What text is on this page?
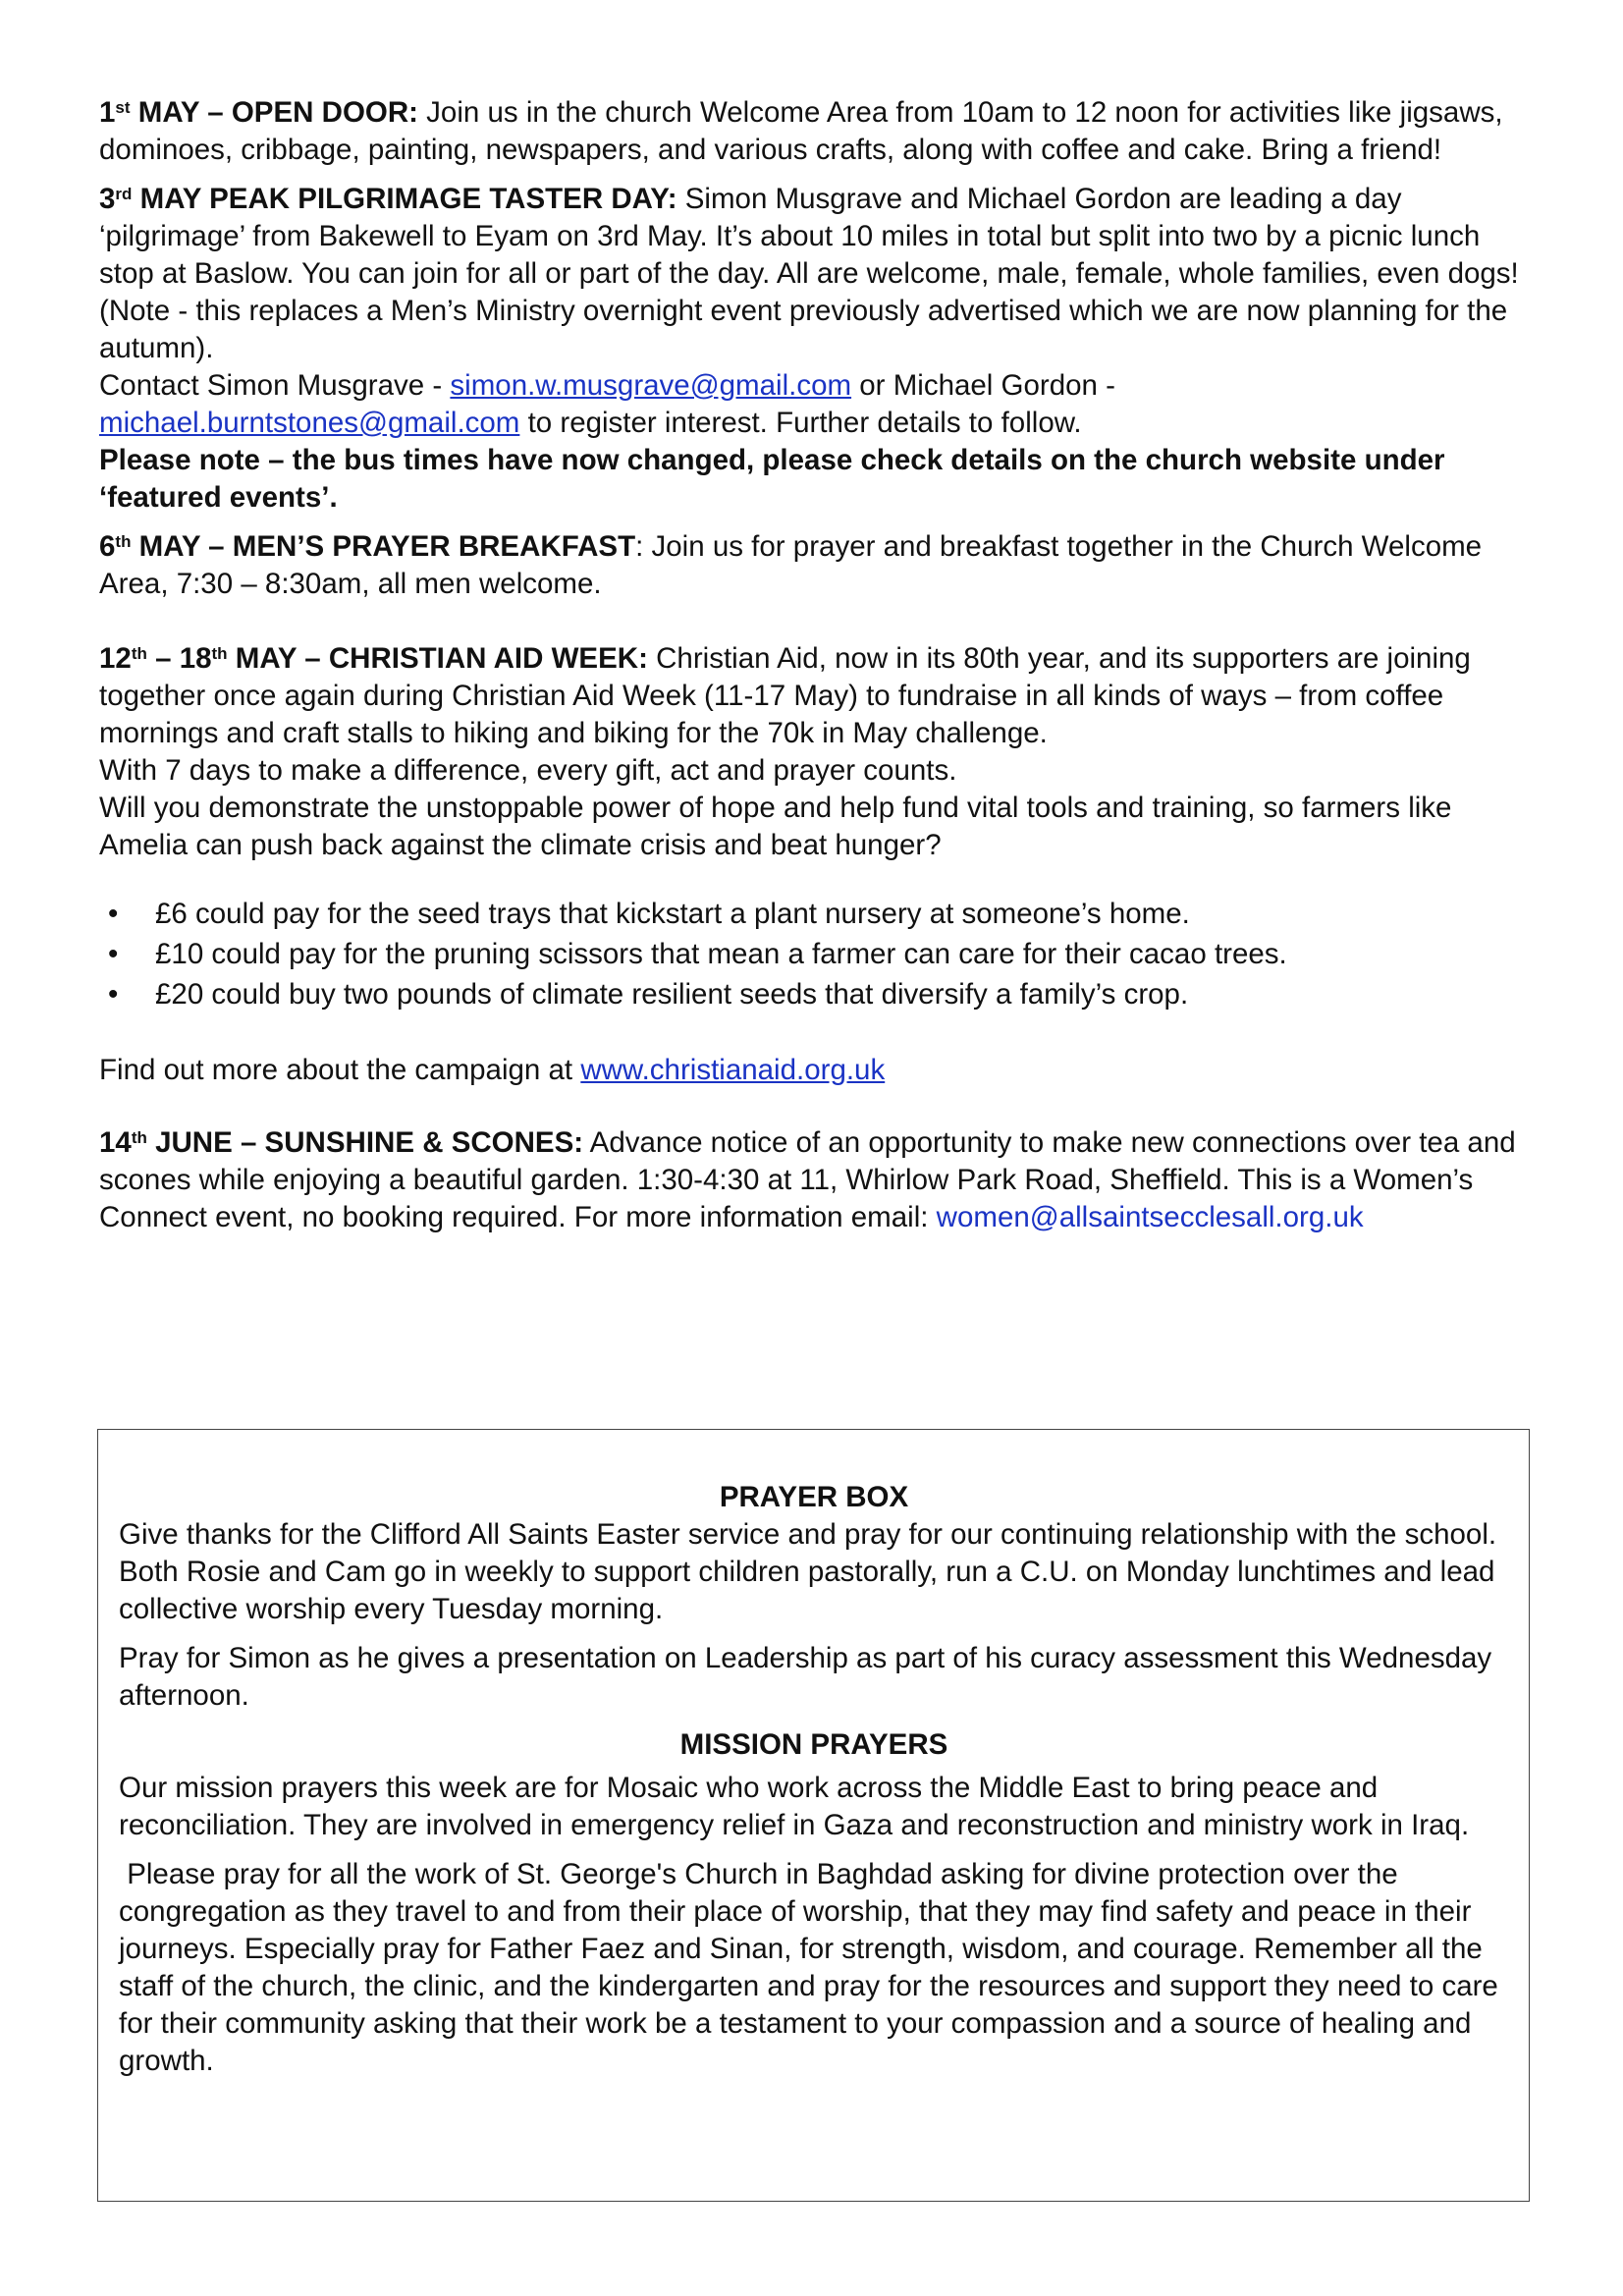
1st MAY – OPEN DOOR: Join us in the church Welcome Area from 10am to 12 noon for activities like jigsaws, dominoes, cribbage, painting, newspapers, and various crafts, along with coffee and cake. Bring a friend!

3rd MAY PEAK PILGRIMAGE TASTER DAY: Simon Musgrave and Michael Gordon are leading a day ‘pilgrimage’ from Bakewell to Eyam on 3rd May. It’s about 10 miles in total but split into two by a picnic lunch stop at Baslow. You can join for all or part of the day. All are welcome, male, female, whole families, even dogs! (Note - this replaces a Men’s Ministry overnight event previously advertised which we are now planning for the autumn).

Contact Simon Musgrave - simon.w.musgrave@gmail.com or Michael Gordon - michael.burntstones@gmail.com to register interest. Further details to follow.

Please note – the bus times have now changed, please check details on the church website under ‘featured events’.

6th MAY – MEN’S PRAYER BREAKFAST: Join us for prayer and breakfast together in the Church Welcome Area, 7:30 – 8:30am, all men welcome.

12th – 18th MAY – CHRISTIAN AID WEEK: Christian Aid, now in its 80th year, and its supporters are joining together once again during Christian Aid Week (11-17 May) to fundraise in all kinds of ways – from coffee mornings and craft stalls to hiking and biking for the 70k in May challenge.

With 7 days to make a difference, every gift, act and prayer counts.

Will you demonstrate the unstoppable power of hope and help fund vital tools and training, so farmers like Amelia can push back against the climate crisis and beat hunger?

• £6 could pay for the seed trays that kickstart a plant nursery at someone’s home.
• £10 could pay for the pruning scissors that mean a farmer can care for their cacao trees.
• £20 could buy two pounds of climate resilient seeds that diversify a family’s crop.

Find out more about the campaign at www.christianaid.org.uk

14th JUNE – SUNSHINE & SCONES: Advance notice of an opportunity to make new connections over tea and scones while enjoying a beautiful garden. 1:30-4:30 at 11, Whirlow Park Road, Sheffield. This is a Women’s Connect event, no booking required. For more information email: women@allsaintsecclesall.org.uk

PRAYER BOX

Give thanks for the Clifford All Saints Easter service and pray for our continuing relationship with the school. Both Rosie and Cam go in weekly to support children pastorally, run a C.U. on Monday lunchtimes and lead collective worship every Tuesday morning.

Pray for Simon as he gives a presentation on Leadership as part of his curacy assessment this Wednesday afternoon.

MISSION PRAYERS

Our mission prayers this week are for Mosaic who work across the Middle East to bring peace and reconciliation. They are involved in emergency relief in Gaza and reconstruction and ministry work in Iraq.

Please pray for all the work of St. George's Church in Baghdad asking for divine protection over the congregation as they travel to and from their place of worship, that they may find safety and peace in their journeys. Especially pray for Father Faez and Sinan, for strength, wisdom, and courage. Remember all the staff of the church, the clinic, and the kindergarten and pray for the resources and support they need to care for their community asking that their work be a testament to your compassion and a source of healing and growth.
